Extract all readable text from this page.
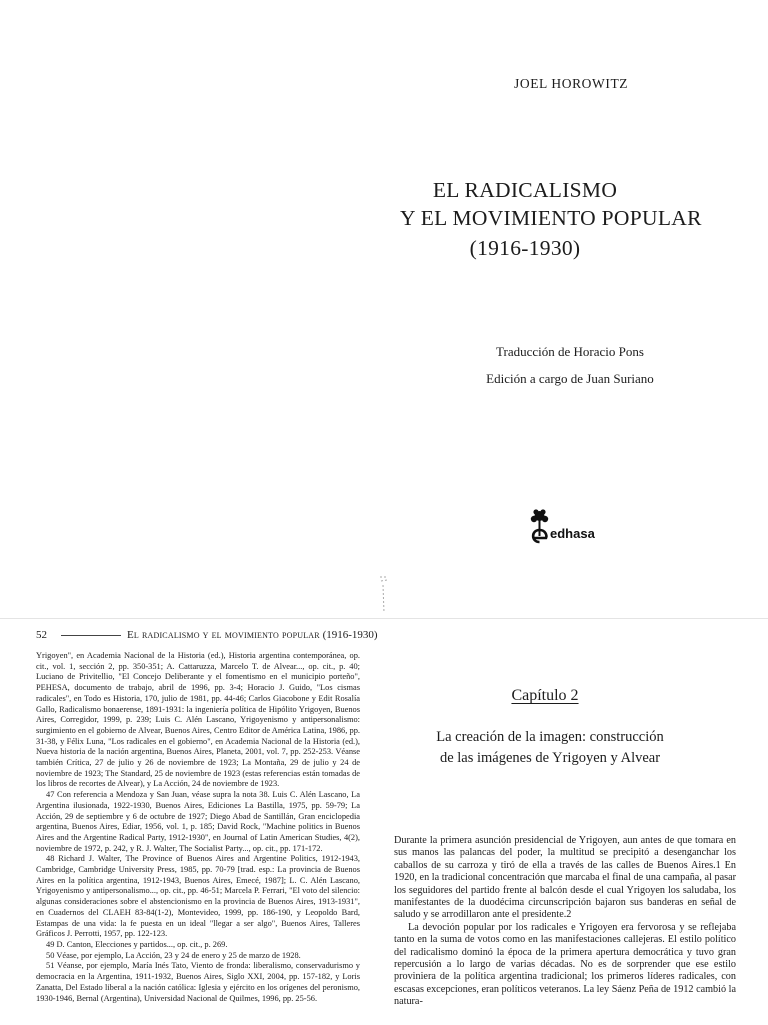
JOEL HOROWITZ
EL RADICALISMO
Y EL MOVIMIENTO POPULAR
(1916-1930)
Traducción de Horacio Pons
Edición a cargo de Juan Suriano
edhasa
52	El radicalismo y el movimiento popular (1916-1930)

Yrigoyen", en Academia Nacional de la Historia (ed.), Historia argentina contemporánea, op. cit., vol. 1, sección 2, pp. 350-351; A. Cattaruzza, Marcelo T. de Alvear..., op. cit., p. 40; Luciano de Privitellio, "El Concejo Deliberante y el fomentismo en el municipio porteño", PEHESA, documento de trabajo, abril de 1996, pp. 3-4; Horacio J. Guido, "Los cismas radicales", en Todo es Historia, 170, julio de 1981, pp. 44-46; Carlos Giacobone y Edit Rosalía Gallo, Radicalismo bonaerense, 1891-1931: la ingeniería política de Hipólito Yrigoyen, Buenos Aires, Corregidor, 1999, p. 239; Luis C. Alén Lascano, Yrigoyenismo y antipersonalismo: surgimiento en el gobierno de Alvear, Buenos Aires, Centro Editor de América Latina, 1986, pp. 31-38, y Félix Luna, "Los radicales en el gobierno", en Academia Nacional de la Historia (ed.), Nueva historia de la nación argentina, Buenos Aires, Planeta, 2001, vol. 7, pp. 252-253. Véanse también Crítica, 27 de julio y 26 de noviembre de 1923; La Montaña, 29 de julio y 24 de noviembre de 1923; The Standard, 25 de noviembre de 1923 (estas referencias están tomadas de los libros de recortes de Alvear), y La Acción, 24 de noviembre de 1923.

47 Con referencia a Mendoza y San Juan, véase supra la nota 38. Luis C. Alén Lascano, La Argentina ilusionada, 1922-1930, Buenos Aires, Ediciones La Bastilla, 1975, pp. 59-79; La Acción, 29 de septiembre y 6 de octubre de 1927; Diego Abad de Santillán, Gran enciclopedia argentina, Buenos Aires, Ediar, 1956, vol. 1, p. 185; David Rock, "Machine politics in Buenos Aires and the Argentine Radical Party, 1912-1930", en Journal of Latin American Studies, 4(2), noviembre de 1972, p. 242, y R. J. Walter, The Socialist Party..., op. cit., pp. 171-172.

48 Richard J. Walter, The Province of Buenos Aires and Argentine Politics, 1912-1943, Cambridge, Cambridge University Press, 1985, pp. 70-79 [trad. esp.: La provincia de Buenos Aires en la política argentina, 1912-1943, Buenos Aires, Emecé, 1987]; L. C. Alén Lascano, Yrigoyenismo y antipersonalismo..., op. cit., pp. 46-51; Marcela P. Ferrari, "El voto del silencio: algunas consideraciones sobre el abstencionismo en la provincia de Buenos Aires, 1913-1931", en Cuadernos del CLAEH 83-84(1-2), Montevideo, 1999, pp. 186-190, y Leopoldo Bard, Estampas de una vida: la fe puesta en un ideal "llegar a ser algo", Buenos Aires, Talleres Gráficos J. Perrotti, 1957, pp. 122-123.

49 D. Canton, Elecciones y partidos..., op. cit., p. 269.

50 Véase, por ejemplo, La Acción, 23 y 24 de enero y 25 de marzo de 1928.

51 Véanse, por ejemplo, María Inés Tato, Viento de fronda: liberalismo, conservadurismo y democracia en la Argentina, 1911-1932, Buenos Aires, Siglo XXI, 2004, pp. 157-182, y Loris Zanatta, Del Estado liberal a la nación católica: Iglesia y ejército en los orígenes del peronismo, 1930-1946, Bernal (Argentina), Universidad Nacional de Quilmes, 1996, pp. 25-56.

Capítulo 2
La creación de la imagen: construcción
de las imágenes de Yrigoyen y Alvear

Durante la primera asunción presidencial de Yrigoyen, aun antes de que tomara en sus manos las palancas del poder, la multitud se precipitó a desenganchar los caballos de su carroza y tiró de ella a través de las calles de Buenos Aires.1 En 1920, en la tradicional concentración que marcaba el final de una campaña, al pasar los seguidores del partido frente al balcón desde el cual Yrigoyen los saludaba, los manifestantes de la duodécima circunscripción bajaron sus banderas en señal de saludo y se arrodillaron ante el presidente.2

La devoción popular por los radicales e Yrigoyen era fervorosa y se reflejaba tanto en la suma de votos como en las manifestaciones callejeras. El estilo político del radicalismo dominó la época de la primera apertura democrática y tuvo gran repercusión a lo largo de varias décadas. No es de sorprender que ese estilo proviniera de la política argentina tradicional; los primeros líderes radicales, con escasas excepciones, eran políticos veteranos. La ley Sáenz Peña de 1912 cambió la natura-
